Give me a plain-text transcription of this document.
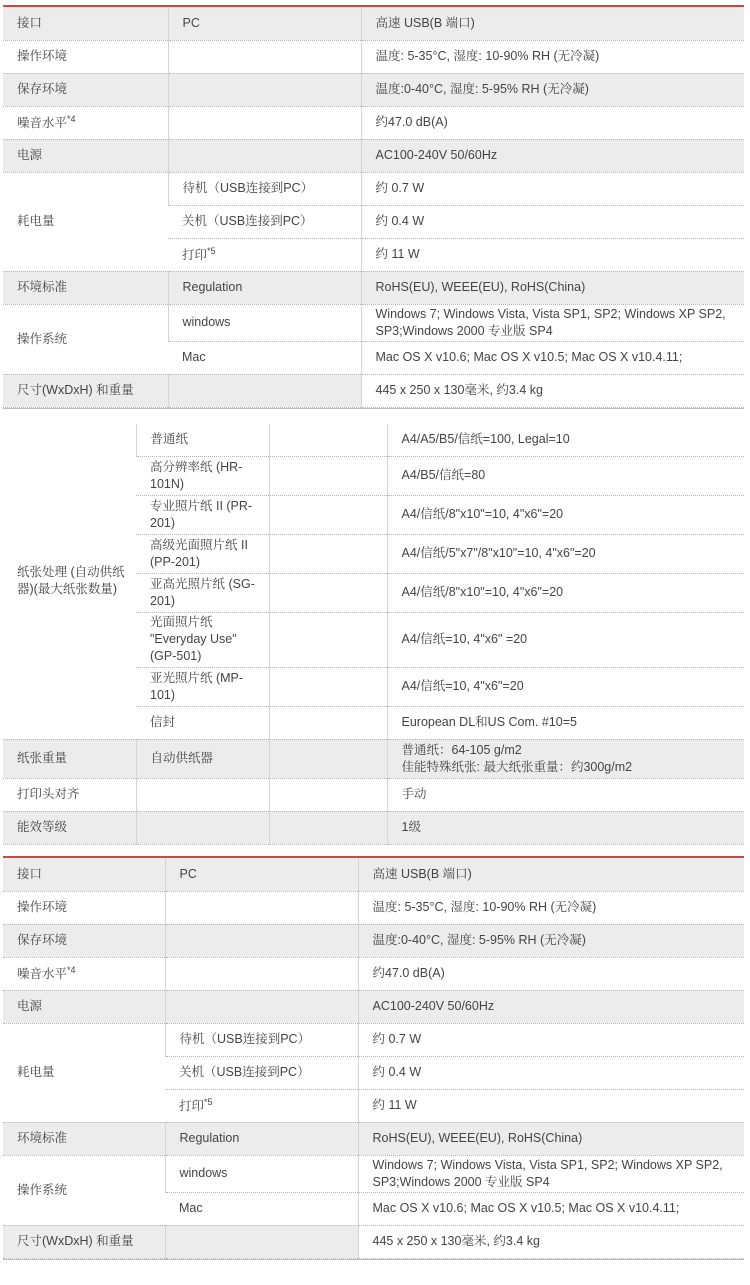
接口	PC	高速 USB(B 端口)
操作环境		温度: 5-35°C, 湿度: 10-90% RH (无冷凝)
保存环境		温度:0-40°C, 湿度: 5-95% RH (无冷凝)
噪音水平$^{*4}$		约47.0 dB(A)
电源		AC100-240V 50/60Hz
耗电量	待机（USB连接到PC）	约 0.7 W
	关机（USB连接到PC）	约 0.4 W
	打印$^{*5}$	约 11 W
环境标准	Regulation	RoHS(EU), WEEE(EU), RoHS(China)
操作系统	windows	Windows 7; Windows Vista, Vista SP1, SP2; Windows XP SP2, SP3;Windows 2000 专业版 SP4
	Mac	Mac OS X v10.6; Mac OS X v10.5; Mac OS X v10.4.11;
尺寸(WxDxH) 和重量		445 x 250 x 130毫米, 约3.4 kg
纸张处理 (自动供纸器)(最大纸张数量)	普通纸		A4/A5/B5/信纸=100, Legal=10
	高分辨率纸 (HR-101N)		A4/B5/信纸=80
	专业照片纸 II (PR-201)		A4/信纸/8"x10"=10, 4"x6"=20
	高级光面照片纸 II (PP-201)		A4/信纸/5"x7"/8"x10"=10, 4"x6"=20
	亚高光照片纸 (SG-201)		A4/信纸/8"x10"=10, 4"x6"=20
	光面照片纸 "Everyday Use" (GP-501)		A4/信纸=10, 4"x6" =20
	亚光照片纸 (MP-101)		A4/信纸=10, 4"x6"=20
	信封		European DL和US Com. #10=5
纸张重量	自动供纸器		普通纸：64-105 g/m2
佳能特殊纸张: 最大纸张重量：约300g/m2

打印头对齐			手动
能效等级			1级
接口	PC	高速 USB(B 端口)
操作环境		温度: 5-35°C, 湿度: 10-90% RH (无冷凝)
保存环境		温度:0-40°C, 湿度: 5-95% RH (无冷凝)
噪音水平$^{*4}$		约47.0 dB(A)
电源		AC100-240V 50/60Hz
耗电量	待机（USB连接到PC）	约 0.7 W
	关机（USB连接到PC）	约 0.4 W
	打印$^{*5}$	约 11 W
环境标准	Regulation	RoHS(EU), WEEE(EU), RoHS(China)
操作系统	windows	Windows 7; Windows Vista, Vista SP1, SP2; Windows XP SP2, SP3;Windows 2000 专业版 SP4
	Mac	Mac OS X v10.6; Mac OS X v10.5; Mac OS X v10.4.11;
尺寸(WxDxH) 和重量		445 x 250 x 130毫米, 约3.4 kg
